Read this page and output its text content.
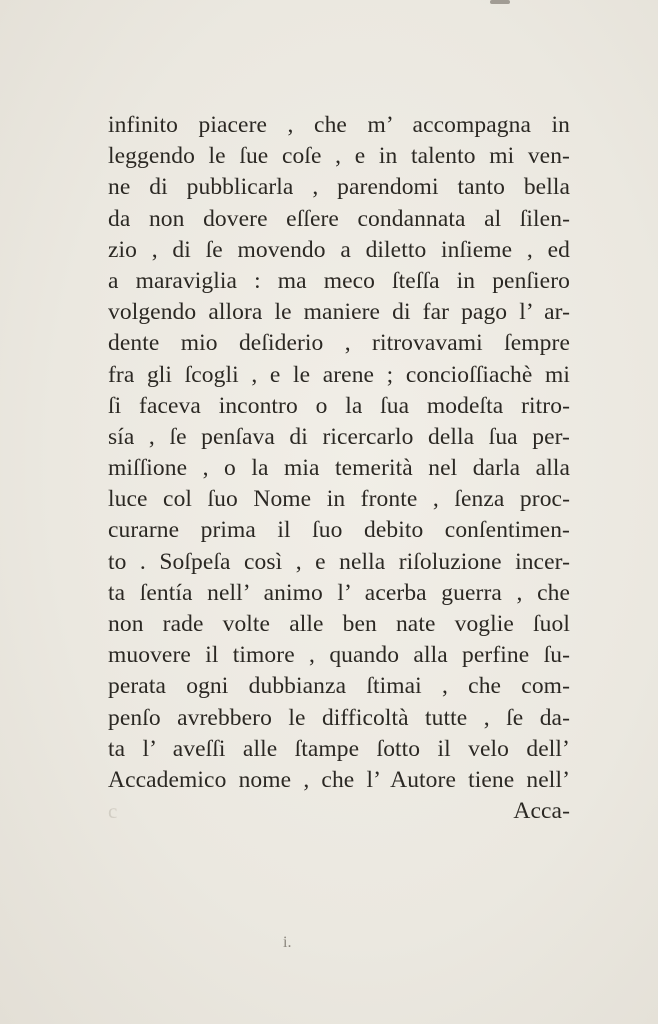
infinito piacere , che m’ accompagna in
leggendo le ſue coſe , e in talento mi ven-
ne di pubblicarla , parendomi tanto bella
da non dovere eſſere condannata al ſilen-
zio , di ſe movendo a diletto inſieme , ed
a maraviglia : ma meco ſteſſa in penſiero
volgendo allora le maniere di far pago l’ ar-
dente mio deſiderio , ritrovavami ſempre
fra gli ſcogli , e le arene ; concioſſiachè mi
ſi faceva incontro o la ſua modeſta ritro-
sía , ſe penſava di ricercarlo della ſua per-
miſſione , o la mia temerità nel darla alla
luce col ſuo Nome in fronte , ſenza proc-
curarne prima il ſuo debito conſentimen-
to . Soſpeſa così , e nella riſoluzione incer-
ta ſentía nell’ animo l’ acerba guerra , che
non rade volte alle ben nate voglie ſuol
muovere il timore , quando alla perfine ſu-
perata ogni dubbianza ſtimai , che com-
penſo avrebbero le difficoltà tutte , ſe da-
ta l’ aveſſi alle ſtampe ſotto il velo dell’
Accademico nome , che l’ Autore tiene nell’
c	Acca-
i.
